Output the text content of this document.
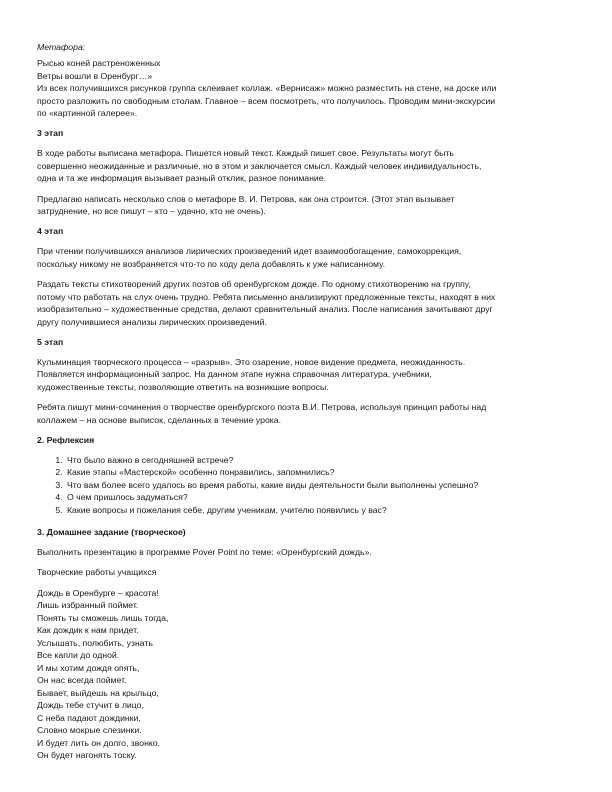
Метафора:
Рысью коней растреноженных
Ветры вошли в Оренбург…»
Из всех получившихся рисунков группа склеивает коллаж. «Вернисаж» можно разместить на стене, на доске или
просто разложить по свободным столам. Главное – всем посмотреть, что получилось. Проводим мини-экскурсии
по «картинной галерее».
3 этап
В ходе работы выписана метафора. Пишется новый текст. Каждый пишет свое. Результаты могут быть
совершенно неожиданные и различные, но в этом и заключается смысл. Каждый человек индивидуальность,
одна и та же информация вызывает разный отклик, разное понимание.
Предлагаю написать несколько слов о метафоре В. И. Петрова, как она строится. (Этот этап вызывает
затруднение, но все пишут – кто – удачно, кто не очень).
4 этап
При чтении получившихся анализов лирических произведений идет взаимообогащение, самокоррекция,
поскольку никому не возбраняется что-то по ходу дела добавлять к уже написанному.
Раздать тексты стихотворений других поэтов об оренбургском дожде. По одному стихотворению на группу,
потому что работать на слух очень трудно. Ребята письменно анализируют предложенные тексты, находят в них
изобразительно – художественные средства, делают сравнительный анализ. После написания зачитывают друг
другу получившиеся анализы лирических произведений.
5 этап
Кульминация творческого процесса – «разрыв». Это озарение, новое видение предмета, неожиданность.
Появляется информационный запрос. На данном этапе нужна справочная литература, учебники,
художественные тексты, позволяющие ответить на возникшие вопросы.
Ребята пишут мини-сочинения о творчестве оренбургского поэта В.И. Петрова, используя принцип работы над
коллажем – на основе выписок, сделанных в течение урока.
2. Рефлексия
1. Что было важно в сегодняшней встрече?
2. Какие этапы «Мастерской» особенно понравились, запомнились?
3. Что вам более всего удалось во время работы, какие виды деятельности были выполнены успешно?
4. О чем пришлось задуматься?
5. Какие вопросы и пожелания себе, другим ученикам, учителю появились у вас?
3. Домашнее задание (творческое)
Выполнить презентацию в программе Pover Point по теме: «Оренбургский дождь».
Творческие работы учащихся
Дождь в Оренбурге – красота!
Лишь избранный поймет.
Понять ты сможешь лишь тогда,
Как дождик к нам придет.
Услышать, полюбить, узнать
Все капли до одной.
И мы хотим дождя опять,
Он нас всегда поймет.
Бывает, выйдешь на крыльцо,
Дождь тебе стучит в лицо,
С неба падают дождинки,
Словно мокрые слезинки.
И будет лить он долго, звонко.
Он будет нагонять тоску.
